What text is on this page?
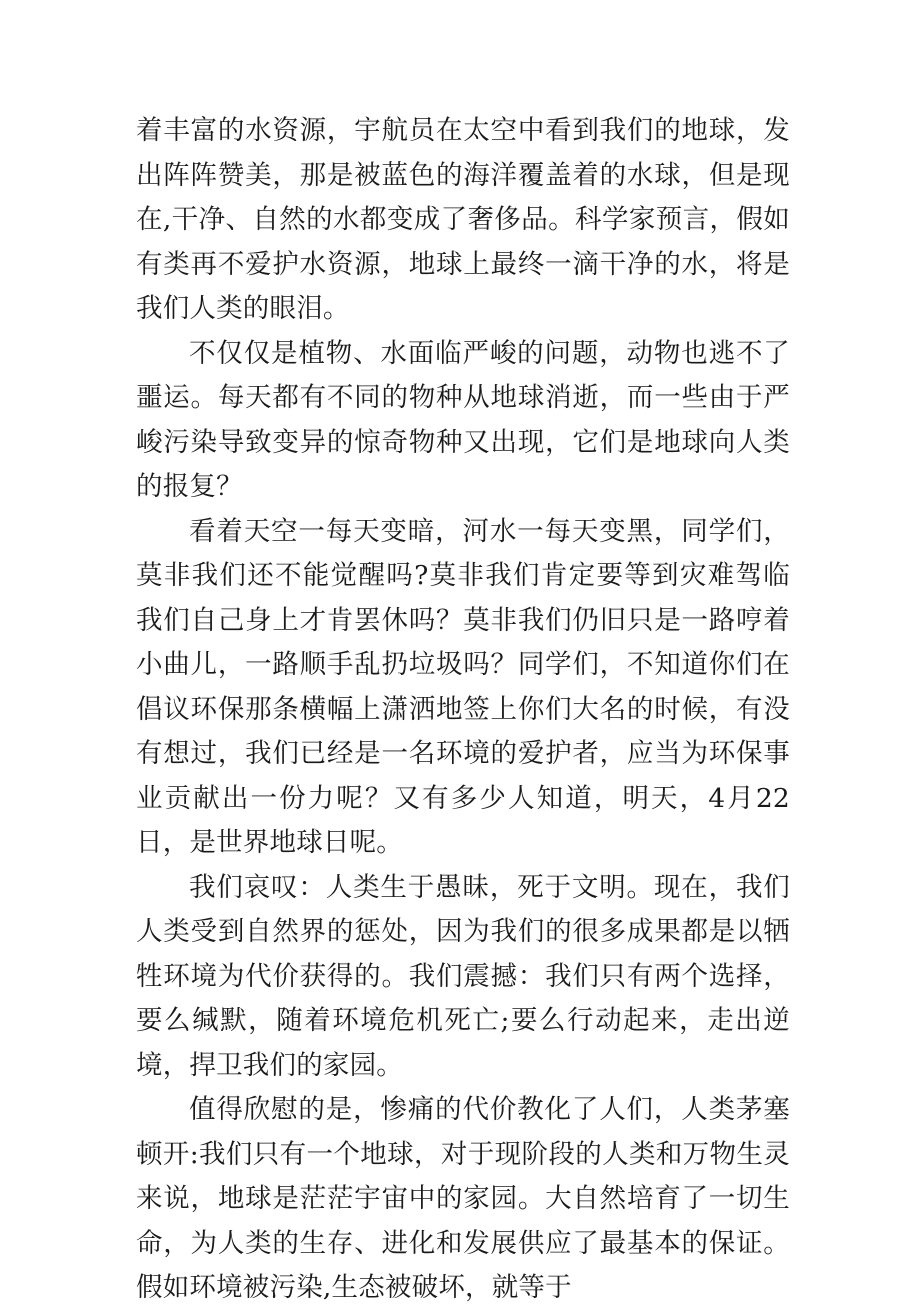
着丰富的水资源，宇航员在太空中看到我们的地球，发出阵阵赞美，那是被蓝色的海洋覆盖着的水球，但是现在,干净、自然的水都变成了奢侈品。科学家预言，假如有类再不爱护水资源，地球上最终一滴干净的水，将是我们人类的眼泪。

不仅仅是植物、水面临严峻的问题，动物也逃不了噩运。每天都有不同的物种从地球消逝，而一些由于严峻污染导致变异的惊奇物种又出现，它们是地球向人类的报复？

看着天空一每天变暗，河水一每天变黑，同学们，莫非我们还不能觉醒吗?莫非我们肯定要等到灾难驾临我们自己身上才肯罢休吗？莫非我们仍旧只是一路哼着小曲儿，一路顺手乱扔垃圾吗？同学们，不知道你们在倡议环保那条横幅上潇洒地签上你们大名的时候，有没有想过，我们已经是一名环境的爱护者，应当为环保事业贡献出一份力呢？又有多少人知道，明天，4月22日，是世界地球日呢。

我们哀叹：人类生于愚昧，死于文明。现在，我们人类受到自然界的惩处，因为我们的很多成果都是以牺牲环境为代价获得的。我们震撼：我们只有两个选择，要么缄默，随着环境危机死亡;要么行动起来，走出逆境，捍卫我们的家园。

值得欣慰的是，惨痛的代价教化了人们，人类茅塞顿开:我们只有一个地球，对于现阶段的人类和万物生灵来说，地球是茫茫宇宙中的家园。大自然培育了一切生命，为人类的生存、进化和发展供应了最基本的保证。假如环境被污染,生态被破坏，就等于
